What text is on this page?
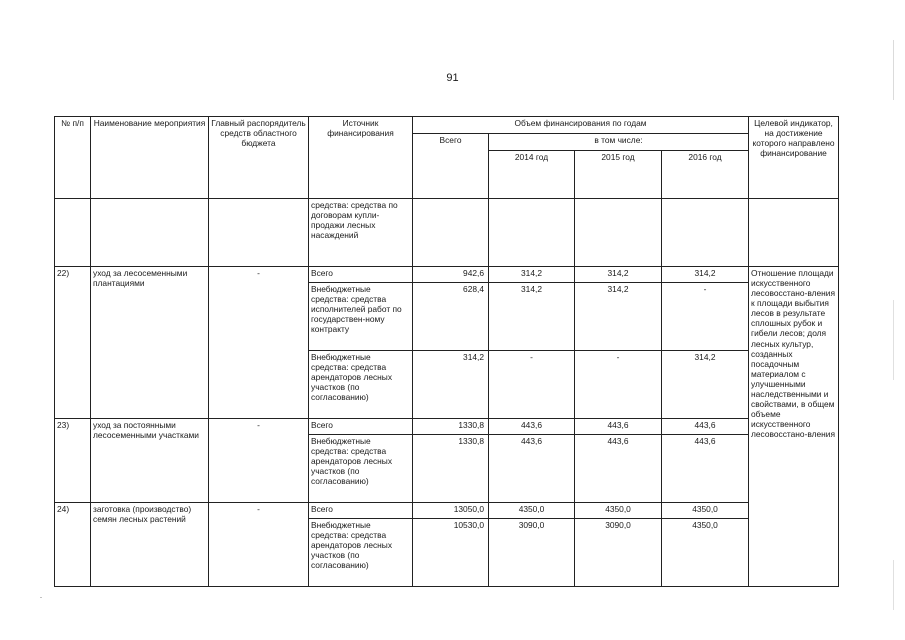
91
№ п/п	Наименование мероприятия	Главный распорядитель средств областного бюджета	Источник финансирования	Объем финансирования по годам				Целевой индикатор, на достижение которого направлено финансирование
				Всего	в том числе:			
					2014 год	2015 год	2016 год	
			средства: средства по договорам купли-продажи лесных насаждений					
22)	уход за лесосеменными плантациями	-	Всего	942,6	314,2	314,2	314,2	Отношение площади искусственного лесовосстано-вления к площади выбытия лесов в результате сплошных рубок и гибели лесов; доля лесных культур, созданных посадочным материалом с улучшенными наследственными и свойствами, в общем объеме искусственного лесовосстано-вления
			Внебюджетные средства: средства исполнителей работ по государствен-ному контракту	628,4	314,2	314,2	-	
			Внебюджетные средства: средства арендаторов лесных участков (по согласованию)	314,2	-	-	314,2	
23)	уход за постоянными лесосеменными участками	-	Всего	1330,8	443,6	443,6	443,6	
			Внебюджетные средства: средства арендаторов лесных участков (по согласованию)	1330,8	443,6	443,6	443,6	
24)	заготовка (производство) семян лесных растений	-	Всего	13050,0	4350,0	4350,0	4350,0	
			Внебюджетные средства: средства арендаторов лесных участков (по согласованию)	10530,0	3090,0	3090,0	4350,0	
